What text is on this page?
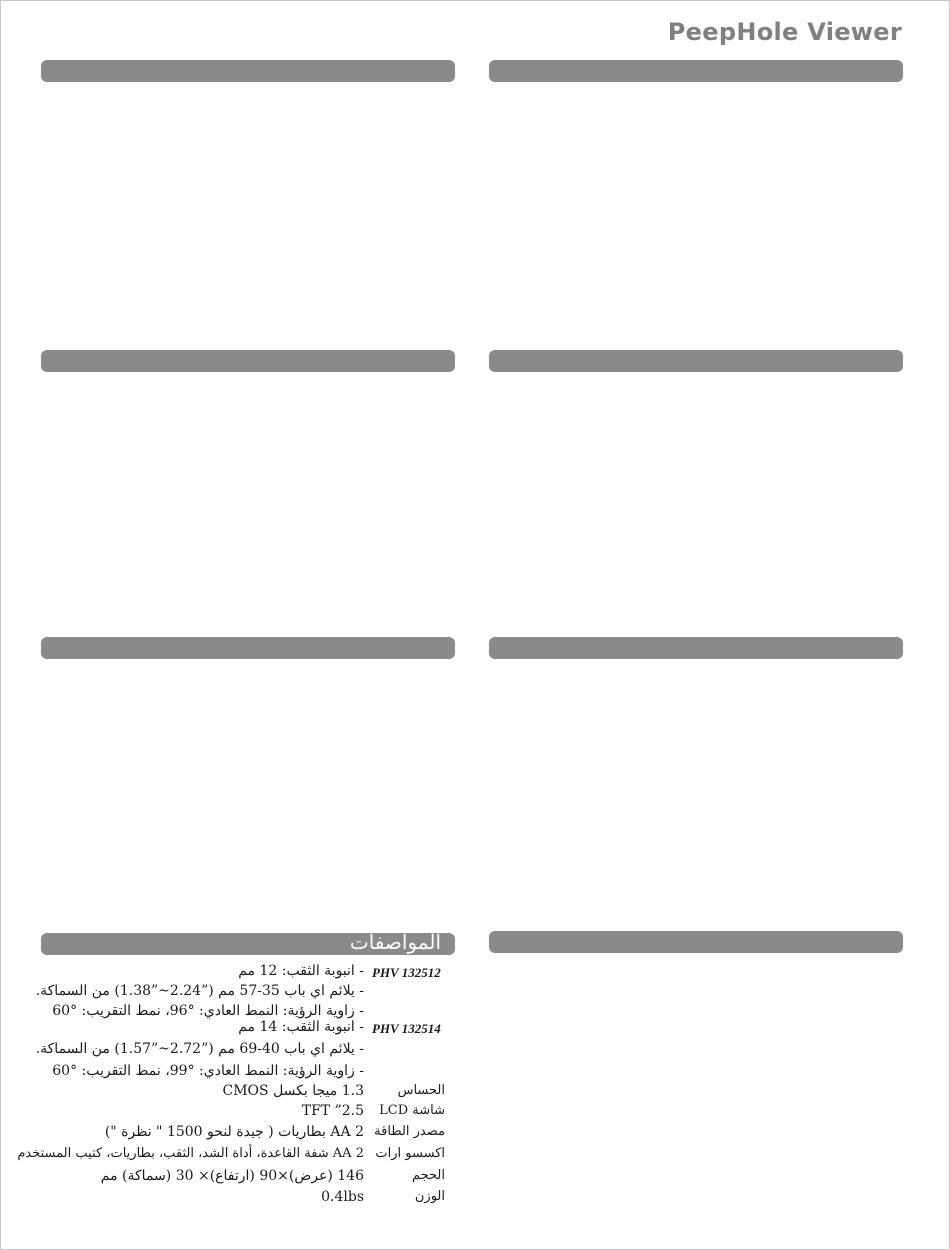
PeepHole Viewer
المواصفات
PHV 132512
- انبوبة الثقب: 12 مم
- يلائم اي باب 35-57 مم (”2.24~”1.38) من السماكة.
- زاوية الرؤية: النمط العادي: °96، نمط التقريب: °60
PHV 132514
- انبوبة الثقب: 14 مم
- يلائم اي باب 40-69 مم (”2.72~”1.57) من السماكة.
- زاوية الرؤية: النمط العادي: °99، نمط التقريب: °60
الحساس
1.3 ميجا بكسل CMOS
شاشة LCD
2.5” TFT
مصدر الطاقة
2 AA بطاريات ( جيدة لنحو 1500 " نظرة ")
اكسسو ارات
2 AA شفة القاعدة، أداة الشد، الثقب، بطاريات، كتيب المستخدم
الحجم
146 (عرض)×90 (ارتفاع)× 30 (سماكة) مم
الوزن
0.4lbs
